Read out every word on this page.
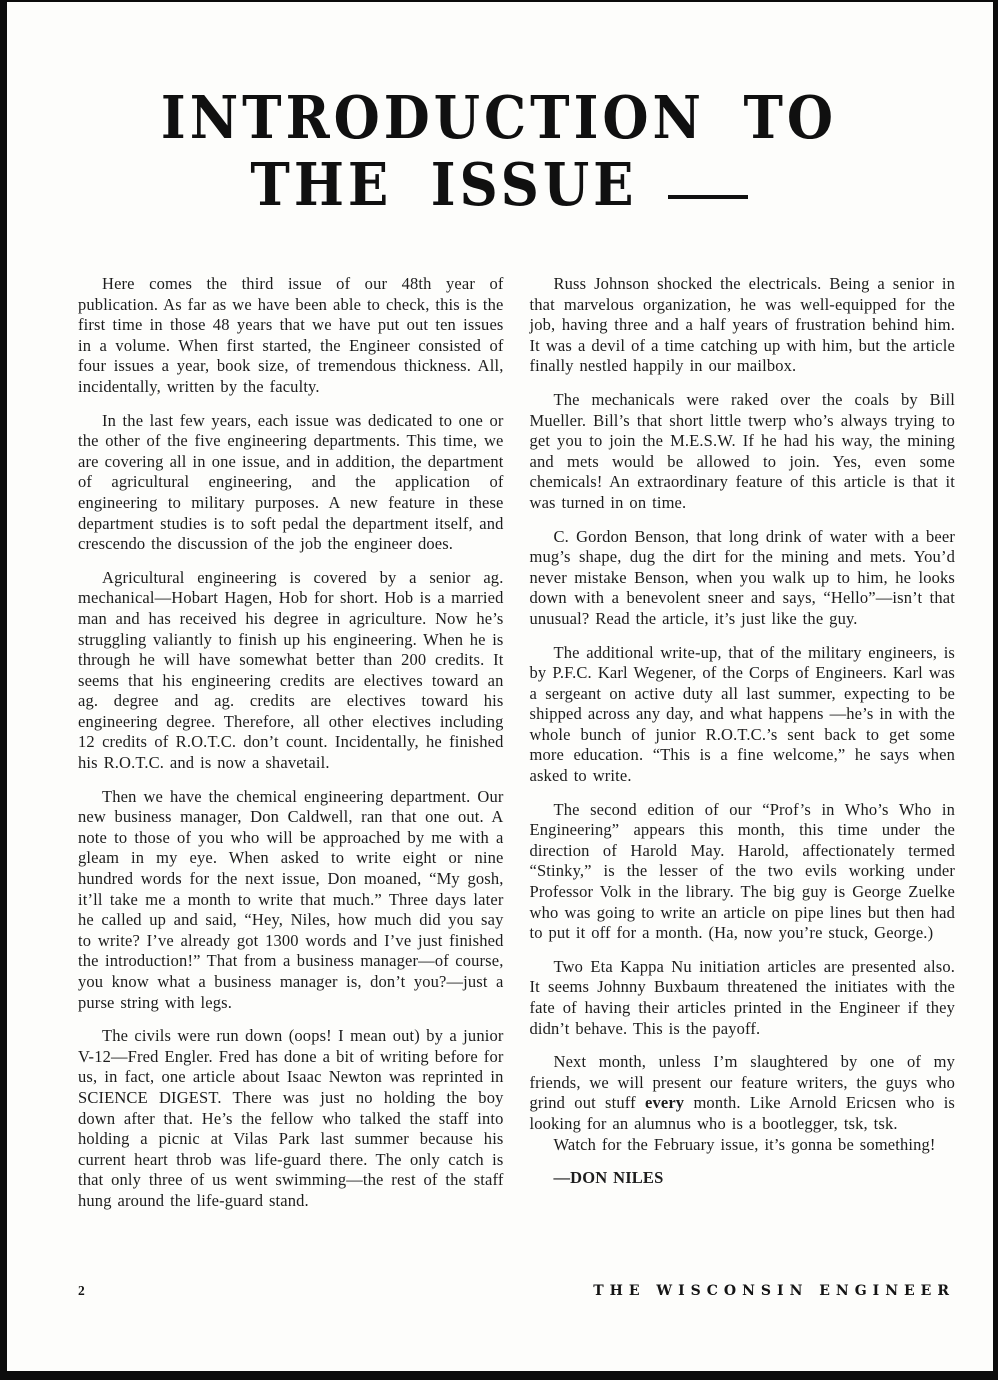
INTRODUCTION TO
THE ISSUE

Here comes the third issue of our 48th year of publication. As far as we have been able to check, this is the first time in those 48 years that we have put out ten issues in a volume. When first started, the Engineer consisted of four issues a year, book size, of tremendous thickness. All, incidentally, written by the faculty.

In the last few years, each issue was dedicated to one or the other of the five engineering departments. This time, we are covering all in one issue, and in addition, the department of agricultural engineering, and the application of engineering to military purposes. A new feature in these department studies is to soft pedal the department itself, and crescendo the discussion of the job the engineer does.

Agricultural engineering is covered by a senior ag. mechanical—Hobart Hagen, Hob for short. Hob is a married man and has received his degree in agriculture. Now he’s struggling valiantly to finish up his engineering. When he is through he will have somewhat better than 200 credits. It seems that his engineering credits are electives toward an ag. degree and ag. credits are electives toward his engineering degree. Therefore, all other electives including 12 credits of R.O.T.C. don’t count. Incidentally, he finished his R.O.T.C. and is now a shavetail.

Then we have the chemical engineering department. Our new business manager, Don Caldwell, ran that one out. A note to those of you who will be approached by me with a gleam in my eye. When asked to write eight or nine hundred words for the next issue, Don moaned, “My gosh, it’ll take me a month to write that much.” Three days later he called up and said, “Hey, Niles, how much did you say to write? I’ve already got 1300 words and I’ve just finished the introduction!” That from a business manager—of course, you know what a business manager is, don’t you?—just a purse string with legs.

The civils were run down (oops! I mean out) by a junior V-12—Fred Engler. Fred has done a bit of writing before for us, in fact, one article about Isaac Newton was reprinted in SCIENCE DIGEST. There was just no holding the boy down after that. He’s the fellow who talked the staff into holding a picnic at Vilas Park last summer because his current heart throb was life-guard there. The only catch is that only three of us went swimming—the rest of the staff hung around the life-guard stand.

Russ Johnson shocked the electricals. Being a senior in that marvelous organization, he was well-equipped for the job, having three and a half years of frustration behind him. It was a devil of a time catching up with him, but the article finally nestled happily in our mailbox.

The mechanicals were raked over the coals by Bill Mueller. Bill’s that short little twerp who’s always trying to get you to join the M.E.S.W. If he had his way, the mining and mets would be allowed to join. Yes, even some chemicals! An extraordinary feature of this article is that it was turned in on time.

C. Gordon Benson, that long drink of water with a beer mug’s shape, dug the dirt for the mining and mets. You’d never mistake Benson, when you walk up to him, he looks down with a benevolent sneer and says, “Hello”—isn’t that unusual? Read the article, it’s just like the guy.

The additional write-up, that of the military engineers, is by P.F.C. Karl Wegener, of the Corps of Engineers. Karl was a sergeant on active duty all last summer, expecting to be shipped across any day, and what happens —he’s in with the whole bunch of junior R.O.T.C.’s sent back to get some more education. “This is a fine welcome,” he says when asked to write.

The second edition of our “Prof’s in Who’s Who in Engineering” appears this month, this time under the direction of Harold May. Harold, affectionately termed “Stinky,” is the lesser of the two evils working under Professor Volk in the library. The big guy is George Zuelke who was going to write an article on pipe lines but then had to put it off for a month. (Ha, now you’re stuck, George.)

Two Eta Kappa Nu initiation articles are presented also. It seems Johnny Buxbaum threatened the initiates with the fate of having their articles printed in the Engineer if they didn’t behave. This is the payoff.

Next month, unless I’m slaughtered by one of my friends, we will present our feature writers, the guys who grind out stuff every month. Like Arnold Ericsen who is looking for an alumnus who is a bootlegger, tsk, tsk.

Watch for the February issue, it’s gonna be something!

—DON NILES

2	THE WISCONSIN ENGINEER
